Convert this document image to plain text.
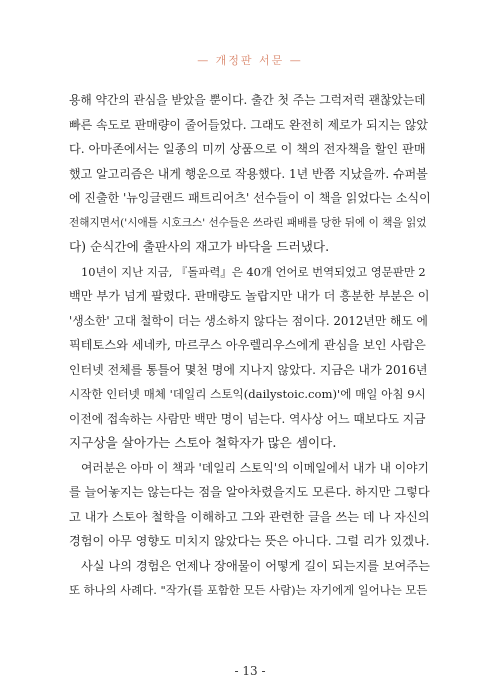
— 개정판 서문 —
용해 약간의 관심을 받았을 뿐이다. 출간 첫 주는 그럭저럭 괜찮았는데
빠른 속도로 판매량이 줄어들었다. 그래도 완전히 제로가 되지는 않았
다. 아마존에서는 일종의 미끼 상품으로 이 책의 전자책을 할인 판매
했고 알고리즘은 내게 행운으로 작용했다. 1년 반쯤 지났을까. 슈퍼볼
에 진출한 '뉴잉글랜드 패트리어츠' 선수들이 이 책을 읽었다는 소식이
전해지면서('시애틀 시호크스' 선수들은 쓰라린 패배를 당한 뒤에 이 책을 읽었
다) 순식간에 출판사의 재고가 바닥을 드러냈다.
10년이 지난 지금, 『돌파력』은 40개 언어로 번역되었고 영문판만 2
백만 부가 넘게 팔렸다. 판매량도 놀랍지만 내가 더 흥분한 부분은 이
'생소한' 고대 철학이 더는 생소하지 않다는 점이다. 2012년만 해도 에
픽테토스와 세네카, 마르쿠스 아우렐리우스에게 관심을 보인 사람은
인터넷 전체를 통틀어 몇천 명에 지나지 않았다. 지금은 내가 2016년
시작한 인터넷 매체 '데일리 스토익(dailystoic.com)'에 매일 아침 9시
이전에 접속하는 사람만 백만 명이 넘는다. 역사상 어느 때보다도 지금
지구상을 살아가는 스토아 철학자가 많은 셈이다.
여러분은 아마 이 책과 '데일리 스토익'의 이메일에서 내가 내 이야기
를 늘어놓지는 않는다는 점을 알아차렸을지도 모른다. 하지만 그렇다
고 내가 스토아 철학을 이해하고 그와 관련한 글을 쓰는 데 나 자신의
경험이 아무 영향도 미치지 않았다는 뜻은 아니다. 그럴 리가 있겠나.
사실 나의 경험은 언제나 장애물이 어떻게 길이 되는지를 보여주는
또 하나의 사례다. "작가(를 포함한 모든 사람)는 자기에게 일어나는 모든
- 13 -
